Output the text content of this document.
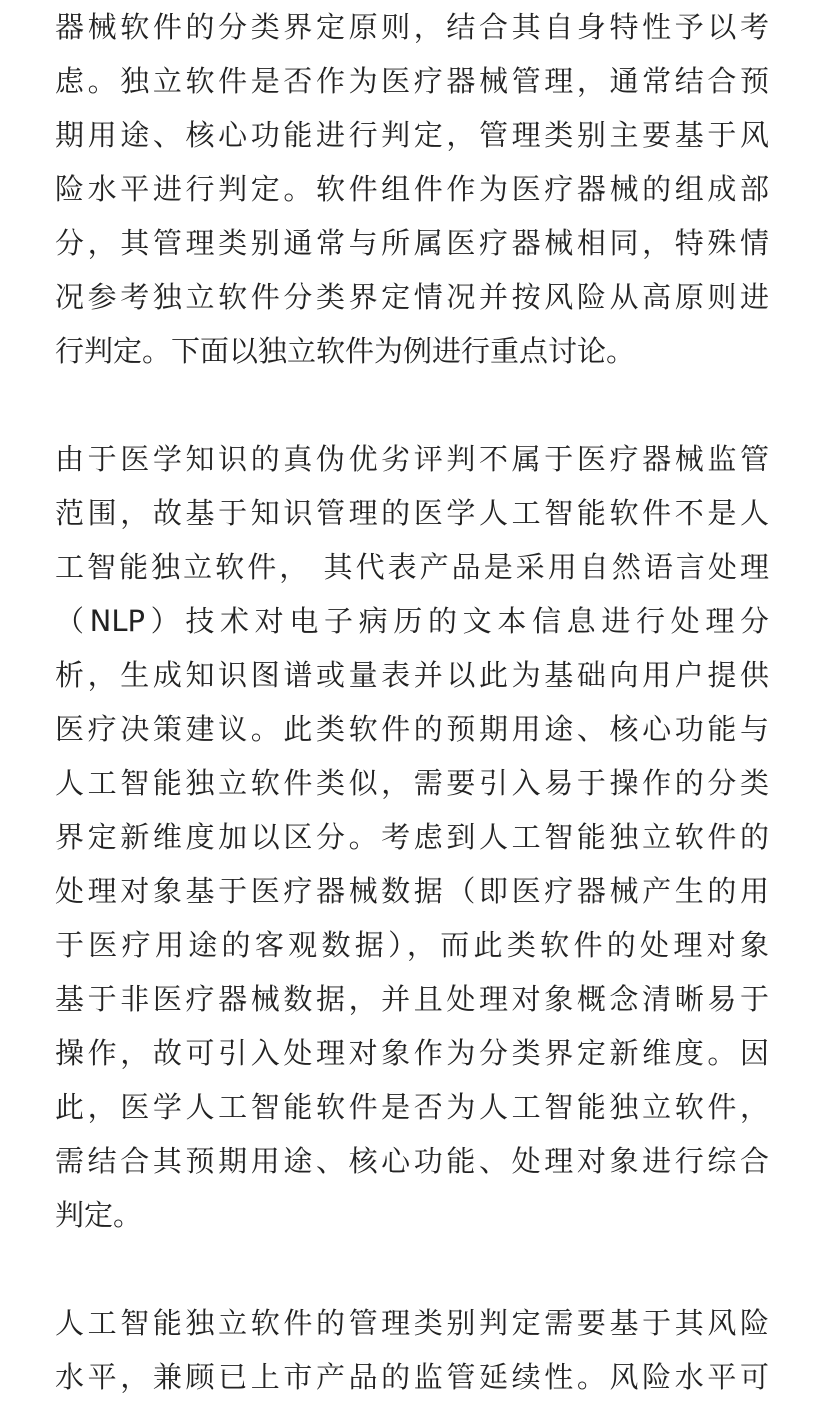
器械软件的分类界定原则，结合其自身特性予以考
虑。独立软件是否作为医疗器械管理，通常结合预
期用途、核心功能进行判定，管理类别主要基于风
险水平进行判定。软件组件作为医疗器械的组成部
分，其管理类别通常与所属医疗器械相同，特殊情
况参考独立软件分类界定情况并按风险从高原则进
行判定。下面以独立软件为例进行重点讨论。
由于医学知识的真伪优劣评判不属于医疗器械监管
范围，故基于知识管理的医学人工智能软件不是人
工智能独立软件， 其代表产品是采用自然语言处理
（NLP）技术对电子病历的文本信息进行处理分
析，生成知识图谱或量表并以此为基础向用户提供
医疗决策建议。此类软件的预期用途、核心功能与
人工智能独立软件类似，需要引入易于操作的分类
界定新维度加以区分。考虑到人工智能独立软件的
处理对象基于医疗器械数据（即医疗器械产生的用
于医疗用途的客观数据），而此类软件的处理对象
基于非医疗器械数据，并且处理对象概念清晰易于
操作，故可引入处理对象作为分类界定新维度。因
此，医学人工智能软件是否为人工智能独立软件，
需结合其预期用途、核心功能、处理对象进行综合
判定。
人工智能独立软件的管理类别判定需要基于其风险
水平，兼顾已上市产品的监管延续性。风险水平可
